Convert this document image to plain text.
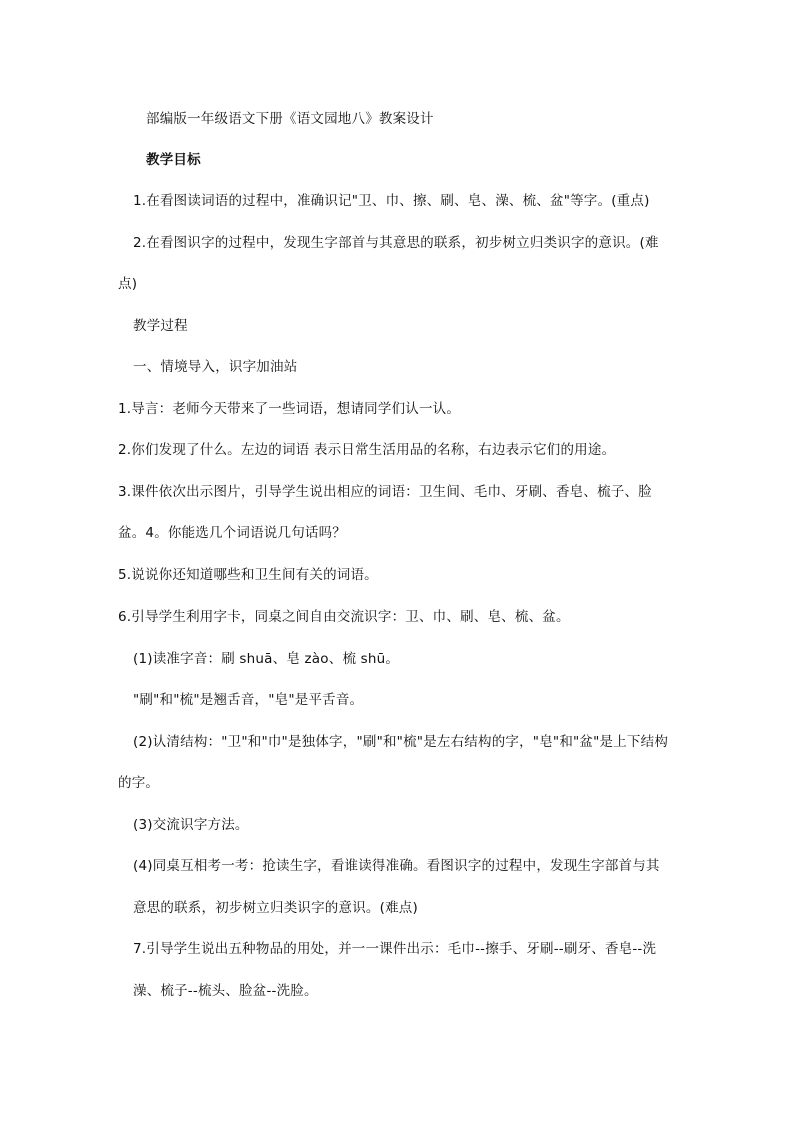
部编版一年级语文下册《语文园地八》教案设计
教学目标
1.在看图读词语的过程中，准确识记"卫、巾、擦、刷、皂、澡、梳、盆"等字。(重点)
2.在看图识字的过程中，发现生字部首与其意思的联系，初步树立归类识字的意识。(难
点)
教学过程
一、情境导入，识字加油站
1.导言：老师今天带来了一些词语，想请同学们认一认。
2.你们发现了什么。左边的词语 表示日常生活用品的名称，右边表示它们的用途。
3.课件依次出示图片，引导学生说出相应的词语：卫生间、毛巾、牙刷、香皂、梳子、脸
盆。4。你能选几个词语说几句话吗？
5.说说你还知道哪些和卫生间有关的词语。
6.引导学生利用字卡，同桌之间自由交流识字：卫、巾、刷、皂、梳、盆。
(1)读准字音：刷 shuā、皂 zào、梳 shū。
"刷"和"梳"是翘舌音，"皂"是平舌音。
(2)认清结构："卫"和"巾"是独体字，"刷"和"梳"是左右结构的字，"皂"和"盆"是上下结构
的字。
(3)交流识字方法。
(4)同桌互相考一考：抢读生字，看谁读得准确。看图识字的过程中，发现生字部首与其
意思的联系，初步树立归类识字的意识。(难点)
7.引导学生说出五种物品的用处，并一一课件出示：毛巾--擦手、牙刷--刷牙、香皂--洗
澡、梳子--梳头、脸盆--洗脸。
